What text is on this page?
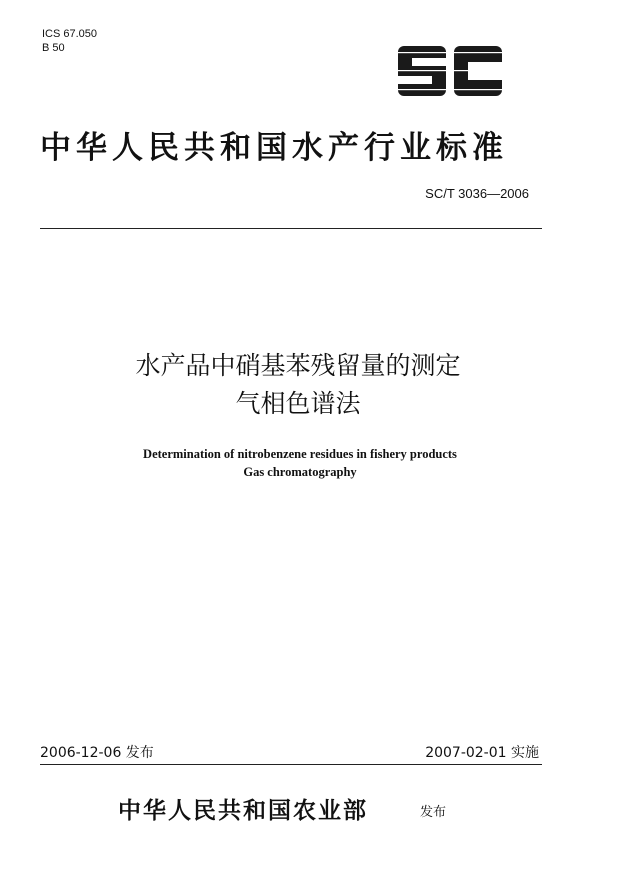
ICS 67.050
B 50
中华人民共和国水产行业标准
SC/T 3036—2006
水产品中硝基苯残留量的测定
气相色谱法
Determination of nitrobenzene residues in fishery products
Gas chromatography
2006-12-06 发布	2007-02-01 实施
中华人民共和国农业部	发布
